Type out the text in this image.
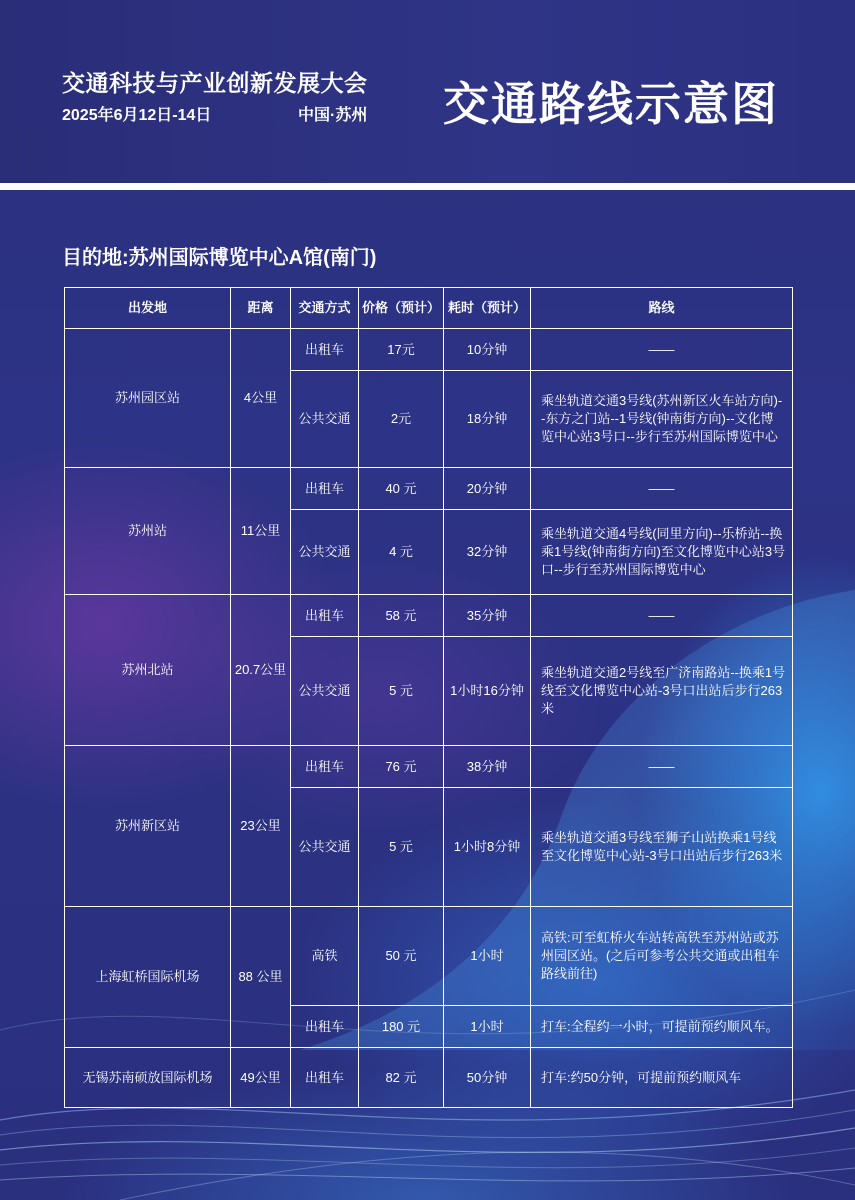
交通科技与产业创新发展大会
2025年6月12日-14日	中国·苏州 交通路线示意图
目的地:苏州国际博览中心A馆(南门)
出发地	距离	交通方式	价格（预计）	耗时（预计）	路线
苏州园区站	4公里	出租车	17元	10分钟	——
		公共交通	2元	18分钟	乘坐轨道交通3号线(苏州新区火车站方向)--东方之门站--1号线(钟南街方向)--文化博览中心站3号口--步行至苏州国际博览中心
苏州站	11公里	出租车	40 元	20分钟	——
		公共交通	4 元	32分钟	乘坐轨道交通4号线(同里方向)--乐桥站--换乘1号线(钟南街方向)至文化博览中心站3号口--步行至苏州国际博览中心
苏州北站	20.7公里	出租车	58 元	35分钟	——
		公共交通	5 元	1小时16分钟	乘坐轨道交通2号线至广济南路站--换乘1号线至文化博览中心站-3号口出站后步行263米
苏州新区站	23公里	出租车	76 元	38分钟	——
		公共交通	5 元	1小时8分钟	乘坐轨道交通3号线至狮子山站换乘1号线至文化博览中心站-3号口出站后步行263米
上海虹桥国际机场	88 公里	高铁	50 元	1小时	高铁:可至虹桥火车站转高铁至苏州站或苏州园区站。(之后可参考公共交通或出租车路线前往)
		出租车	180 元	1小时	打车:全程约一小时，可提前预约顺风车。
无锡苏南硕放国际机场	49公里	出租车	82 元	50分钟	打车:约50分钟，可提前预约顺风车
